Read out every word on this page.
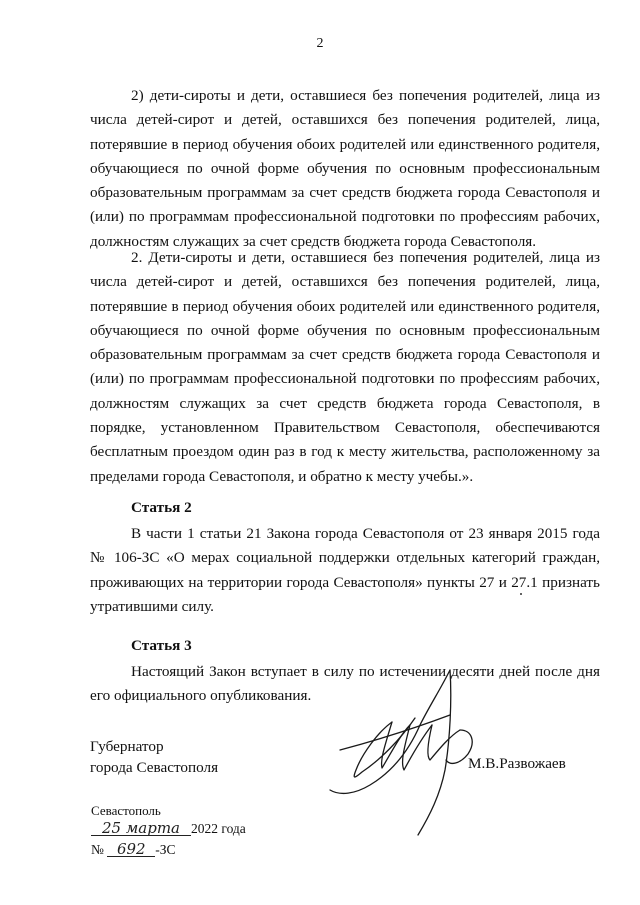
2

2) дети-сироты и дети, оставшиеся без попечения родителей, лица из числа детей-сирот и детей, оставшихся без попечения родителей, лица, потерявшие в период обучения обоих родителей или единственного родителя, обучающиеся по очной форме обучения по основным профессиональным образовательным программам за счет средств бюджета города Севастополя и (или) по программам профессиональной подготовки по профессиям рабочих, должностям служащих за счет средств бюджета города Севастополя.

2. Дети-сироты и дети, оставшиеся без попечения родителей, лица из числа детей-сирот и детей, оставшихся без попечения родителей, лица, потерявшие в период обучения обоих родителей или единственного родителя, обучающиеся по очной форме обучения по основным профессиональным образовательным программам за счет средств бюджета города Севастополя и (или) по программам профессиональной подготовки по профессиям рабочих, должностям служащих за счет средств бюджета города Севастополя, в порядке, установленном Правительством Севастополя, обеспечиваются бесплатным проездом один раз в год к месту жительства, расположенному за пределами города Севастополя, и обратно к месту учебы.».

Статья 2

В части 1 статьи 21 Закона города Севастополя от 23 января 2015 года № 106-ЗС «О мерах социальной поддержки отдельных категорий граждан, проживающих на территории города Севастополя» пункты 27 и 27.1 признать утратившими силу.

Статья 3

Настоящий Закон вступает в силу по истечении десяти дней после дня его официального опубликования.

Губернатор
города Севастополя	М.В.Развожаев
Севастополь
25 марта 2022 года
№ 692 -ЗС
